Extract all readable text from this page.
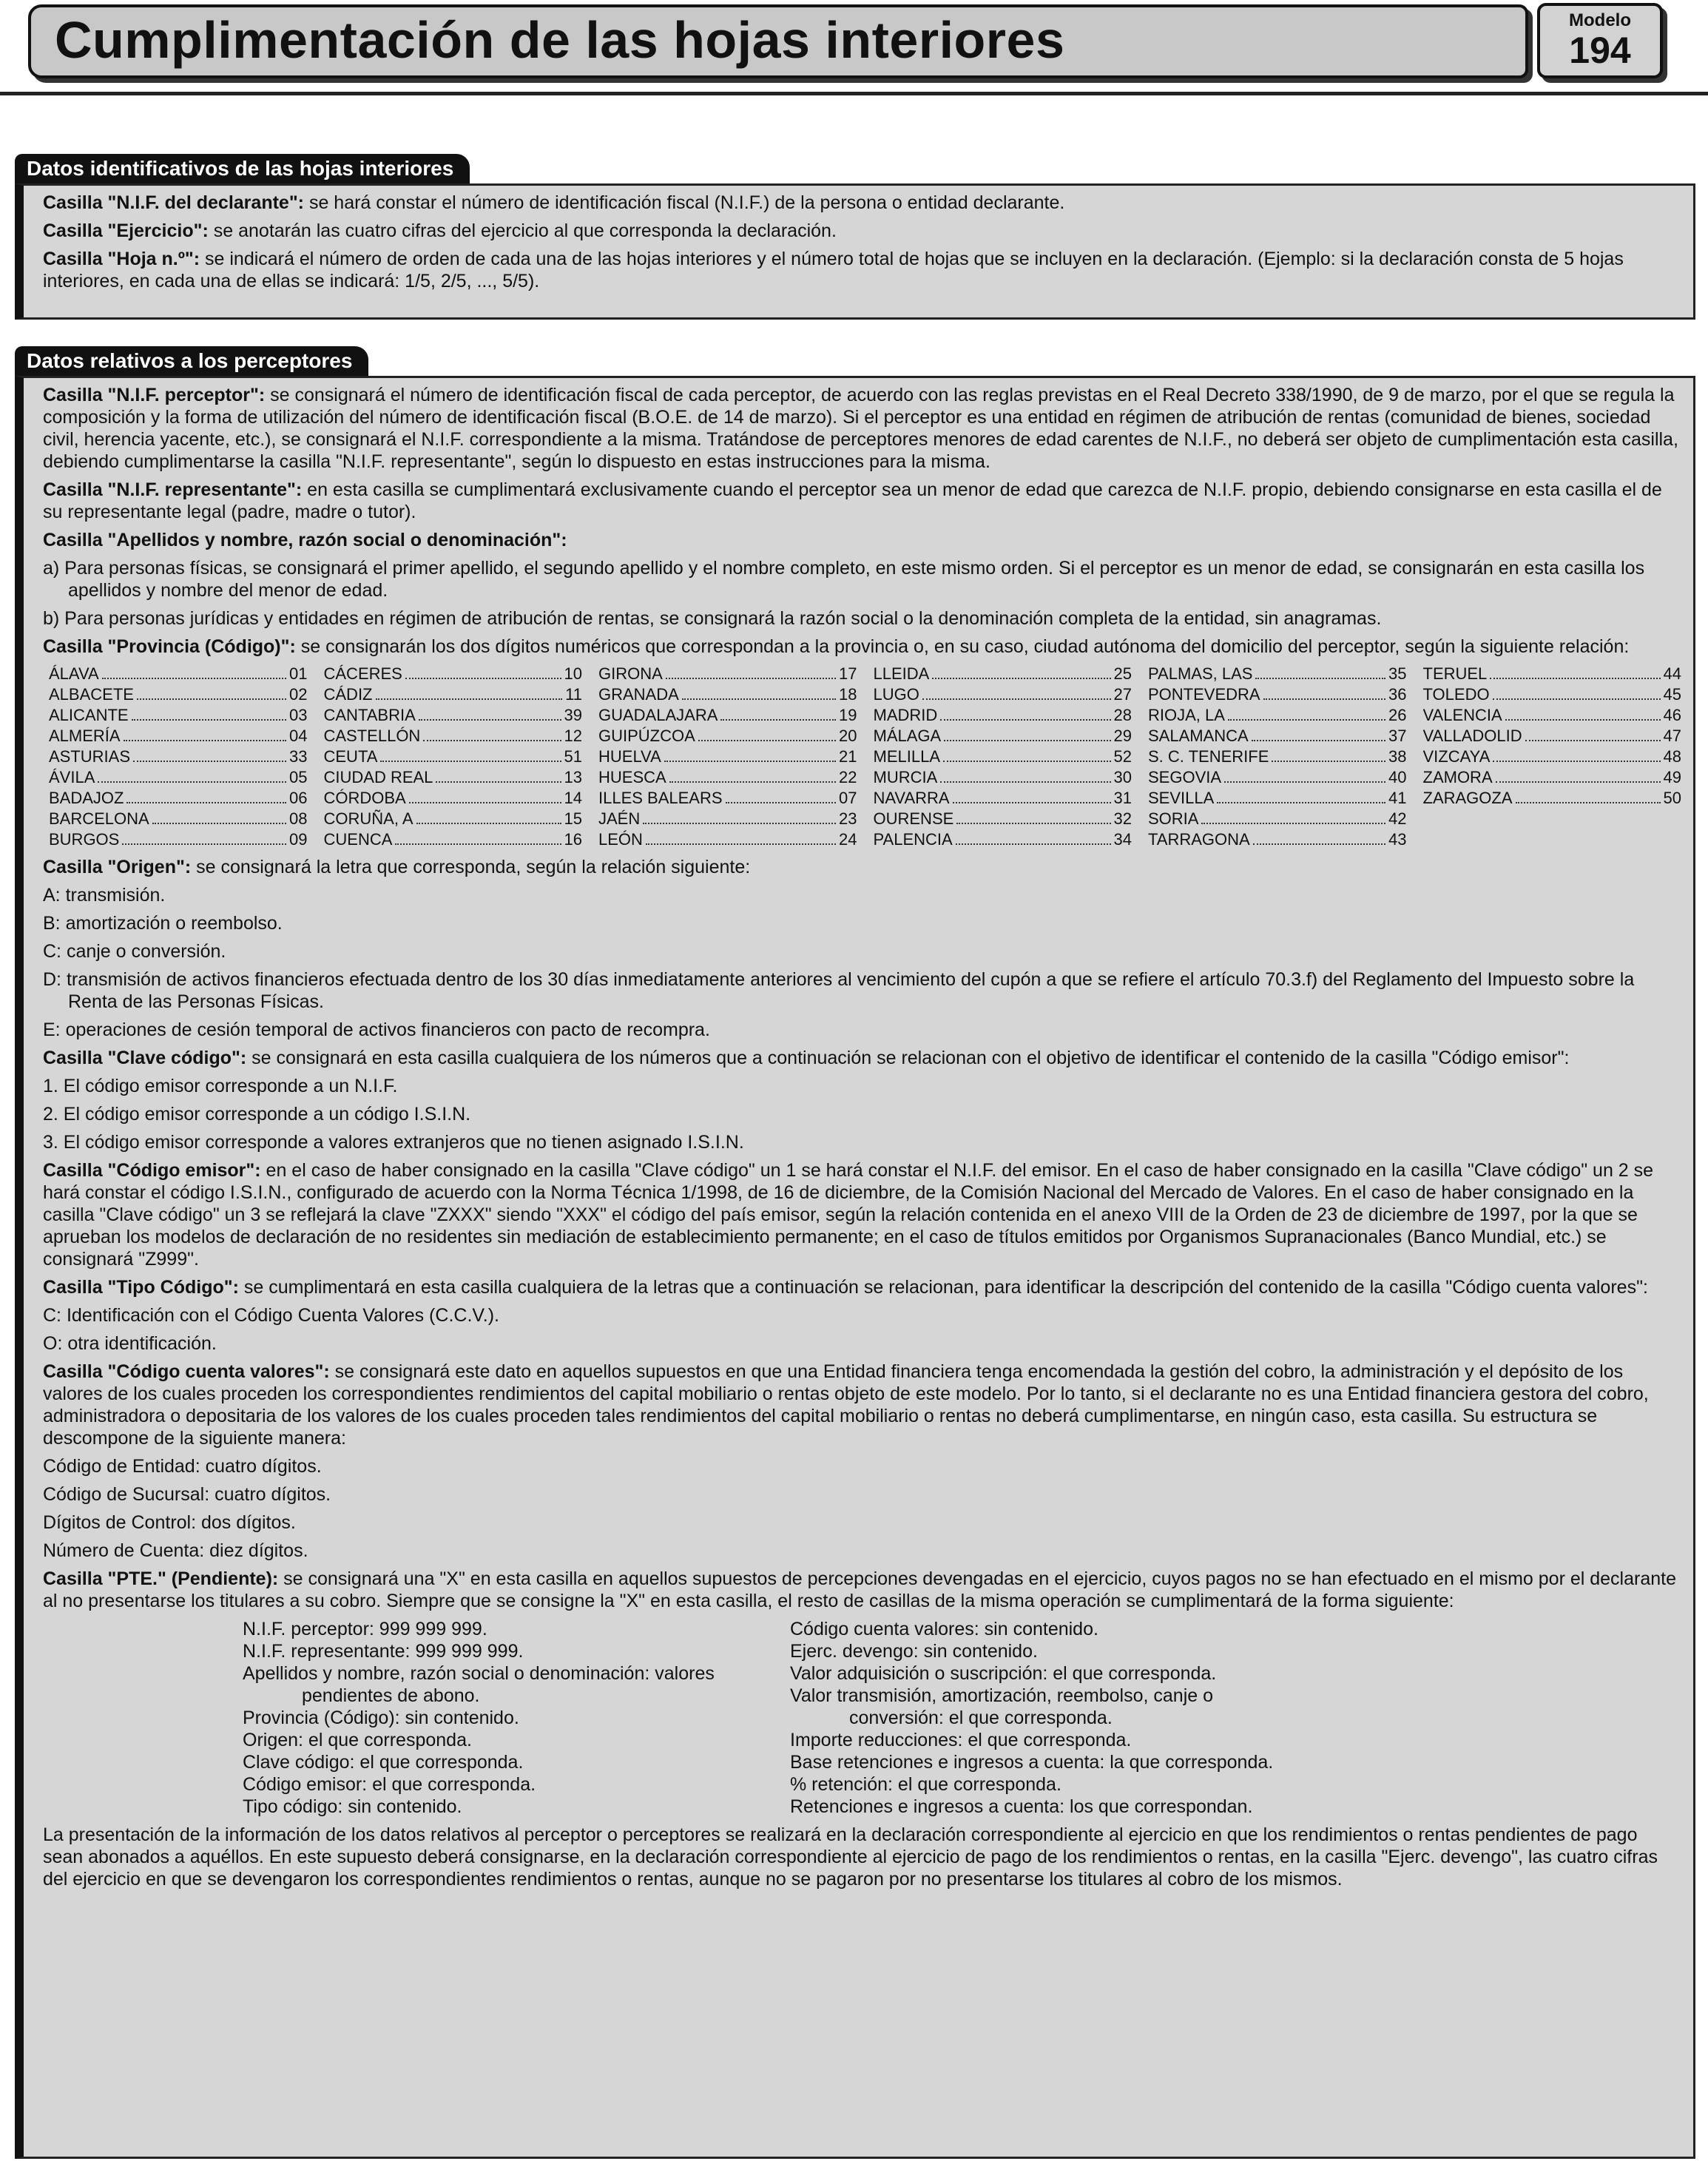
Cumplimentación de las hojas interiores	Modelo
194
Datos identificativos de las hojas interiores

Casilla "N.I.F. del declarante": se hará constar el número de identificación fiscal (N.I.F.) de la persona o entidad declarante.

Casilla "Ejercicio": se anotarán las cuatro cifras del ejercicio al que corresponda la declaración.

Casilla "Hoja n.º": se indicará el número de orden de cada una de las hojas interiores y el número total de hojas que se incluyen en la declaración. (Ejemplo: si la declaración consta de 5 hojas interiores, en cada una de ellas se indicará: 1/5, 2/5, ..., 5/5).

Datos relativos a los perceptores

Casilla "N.I.F. perceptor": se consignará el número de identificación fiscal de cada perceptor, de acuerdo con las reglas previstas en el Real Decreto 338/1990, de 9 de marzo, por el que se regula la composición y la forma de utilización del número de identificación fiscal (B.O.E. de 14 de marzo). Si el perceptor es una entidad en régimen de atribución de rentas (comunidad de bienes, sociedad civil, herencia yacente, etc.), se consignará el N.I.F. correspondiente a la misma. Tratándose de perceptores menores de edad carentes de N.I.F., no deberá ser objeto de cumplimentación esta casilla, debiendo cumplimentarse la casilla "N.I.F. representante", según lo dispuesto en estas instrucciones para la misma.

Casilla "N.I.F. representante": en esta casilla se cumplimentará exclusivamente cuando el perceptor sea un menor de edad que carezca de N.I.F. propio, debiendo consignarse en esta casilla el de su representante legal (padre, madre o tutor).

Casilla "Apellidos y nombre, razón social o denominación":

a) Para personas físicas, se consignará el primer apellido, el segundo apellido y el nombre completo, en este mismo orden. Si el perceptor es un menor de edad, se consignarán en esta casilla los apellidos y nombre del menor de edad.

b) Para personas jurídicas y entidades en régimen de atribución de rentas, se consignará la razón social o la denominación completa de la entidad, sin anagramas.

Casilla "Provincia (Código)": se consignarán los dos dígitos numéricos que correspondan a la provincia o, en su caso, ciudad autónoma del domicilio del perceptor, según la siguiente relación:

ÁLAVA	01 CÁCERES	10 GIRONA	17 LLEIDA	25 PALMAS, LAS	35 TERUEL	44
ALBACETE	02 CÁDIZ	11 GRANADA	18 LUGO	27 PONTEVEDRA	36 TOLEDO	45
ALICANTE	03 CANTABRIA	39 GUADALAJARA	19 MADRID	28 RIOJA, LA	26 VALENCIA	46
ALMERÍA	04 CASTELLÓN	12 GUIPÚZCOA	20 MÁLAGA	29 SALAMANCA	37 VALLADOLID	47
ASTURIAS	33 CEUTA	51 HUELVA	21 MELILLA	52 S. C. TENERIFE	38 VIZCAYA	48
ÁVILA	05 CIUDAD REAL	13 HUESCA	22 MURCIA	30 SEGOVIA	40 ZAMORA	49
BADAJOZ	06 CÓRDOBA	14 ILLES BALEARS	07 NAVARRA	31 SEVILLA	41 ZARAGOZA	50
BARCELONA	08 CORUÑA, A	15 JAÉN	23 OURENSE	32 SORIA	42
BURGOS	09 CUENCA	16 LEÓN	24 PALENCIA	34 TARRAGONA	43

Casilla "Origen": se consignará la letra que corresponda, según la relación siguiente:

A: transmisión.

B: amortización o reembolso.

C: canje o conversión.

D: transmisión de activos financieros efectuada dentro de los 30 días inmediatamente anteriores al vencimiento del cupón a que se refiere el artículo 70.3.f) del Reglamento del Impuesto sobre la Renta de las Personas Físicas.

E: operaciones de cesión temporal de activos financieros con pacto de recompra.

Casilla "Clave código": se consignará en esta casilla cualquiera de los números que a continuación se relacionan con el objetivo de identificar el contenido de la casilla "Código emisor":

1. El código emisor corresponde a un N.I.F.

2. El código emisor corresponde a un código I.S.I.N.

3. El código emisor corresponde a valores extranjeros que no tienen asignado I.S.I.N.

Casilla "Código emisor": en el caso de haber consignado en la casilla "Clave código" un 1 se hará constar el N.I.F. del emisor. En el caso de haber consignado en la casilla "Clave código" un 2 se hará constar el código I.S.I.N., configurado de acuerdo con la Norma Técnica 1/1998, de 16 de diciembre, de la Comisión Nacional del Mercado de Valores. En el caso de haber consignado en la casilla "Clave código" un 3 se reflejará la clave "ZXXX" siendo "XXX" el código del país emisor, según la relación contenida en el anexo VIII de la Orden de 23 de diciembre de 1997, por la que se aprueban los modelos de declaración de no residentes sin mediación de establecimiento permanente; en el caso de títulos emitidos por Organismos Supranacionales (Banco Mundial, etc.) se consignará "Z999".

Casilla "Tipo Código": se cumplimentará en esta casilla cualquiera de la letras que a continuación se relacionan, para identificar la descripción del contenido de la casilla "Código cuenta valores":

C: Identificación con el Código Cuenta Valores (C.C.V.).

O: otra identificación.

Casilla "Código cuenta valores": se consignará este dato en aquellos supuestos en que una Entidad financiera tenga encomendada la gestión del cobro, la administración y el depósito de los valores de los cuales proceden los correspondientes rendimientos del capital mobiliario o rentas objeto de este modelo. Por lo tanto, si el declarante no es una Entidad financiera gestora del cobro, administradora o depositaria de los valores de los cuales proceden tales rendimientos del capital mobiliario o rentas no deberá cumplimentarse, en ningún caso, esta casilla. Su estructura se descompone de la siguiente manera:

Código de Entidad: cuatro dígitos.

Código de Sucursal: cuatro dígitos.

Dígitos de Control: dos dígitos.

Número de Cuenta: diez dígitos.

Casilla "PTE." (Pendiente): se consignará una "X" en esta casilla en aquellos supuestos de percepciones devengadas en el ejercicio, cuyos pagos no se han efectuado en el mismo por el declarante al no presentarse los titulares a su cobro. Siempre que se consigne la "X" en esta casilla, el resto de casillas de la misma operación se cumplimentará de la forma siguiente:

N.I.F. perceptor: 999 999 999.

N.I.F. representante: 999 999 999.

Apellidos y nombre, razón social o denominación: valores

pendientes de abono.

Provincia (Código): sin contenido.

Origen: el que corresponda.

Clave código: el que corresponda.

Código emisor: el que corresponda.

Tipo código: sin contenido.

Código cuenta valores: sin contenido.

Ejerc. devengo: sin contenido.

Valor adquisición o suscripción: el que corresponda.

Valor transmisión, amortización, reembolso, canje o

conversión: el que corresponda.

Importe reducciones: el que corresponda.

Base retenciones e ingresos a cuenta: la que corresponda.

% retención: el que corresponda.

Retenciones e ingresos a cuenta: los que correspondan.

La presentación de la información de los datos relativos al perceptor o perceptores se realizará en la declaración correspondiente al ejercicio en que los rendimientos o rentas pendientes de pago sean abonados a aquéllos. En este supuesto deberá consignarse, en la declaración correspondiente al ejercicio de pago de los rendimientos o rentas, en la casilla "Ejerc. devengo", las cuatro cifras del ejercicio en que se devengaron los correspondientes rendimientos o rentas, aunque no se pagaron por no presentarse los titulares al cobro de los mismos.
